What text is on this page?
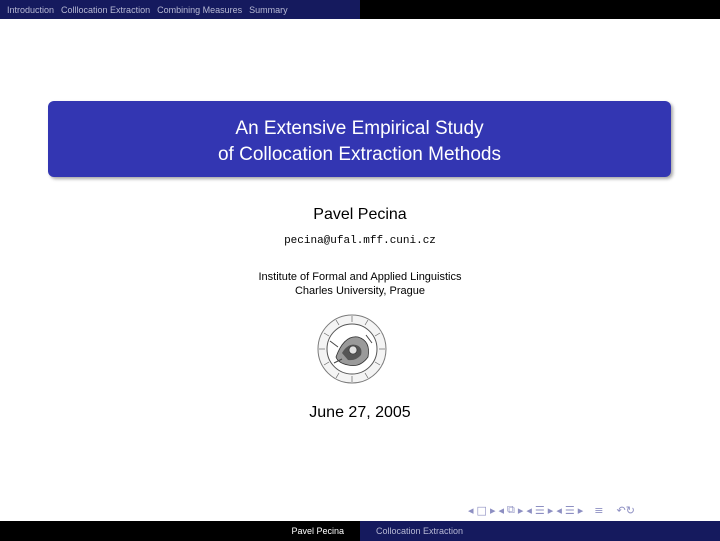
Introduction Colllocation Extraction Combining Measures Summary
An Extensive Empirical Study
of Collocation Extraction Methods
Pavel Pecina
pecina@ufal.mff.cuni.cz
Institute of Formal and Applied Linguistics
Charles University, Prague
June 27, 2005
◂ □ ▸ ◂ ⧉ ▸ ◂ ☰ ▸ ◂ ☰ ▸ ≡ ↶↻
Pavel Pecina	Collocation Extraction
